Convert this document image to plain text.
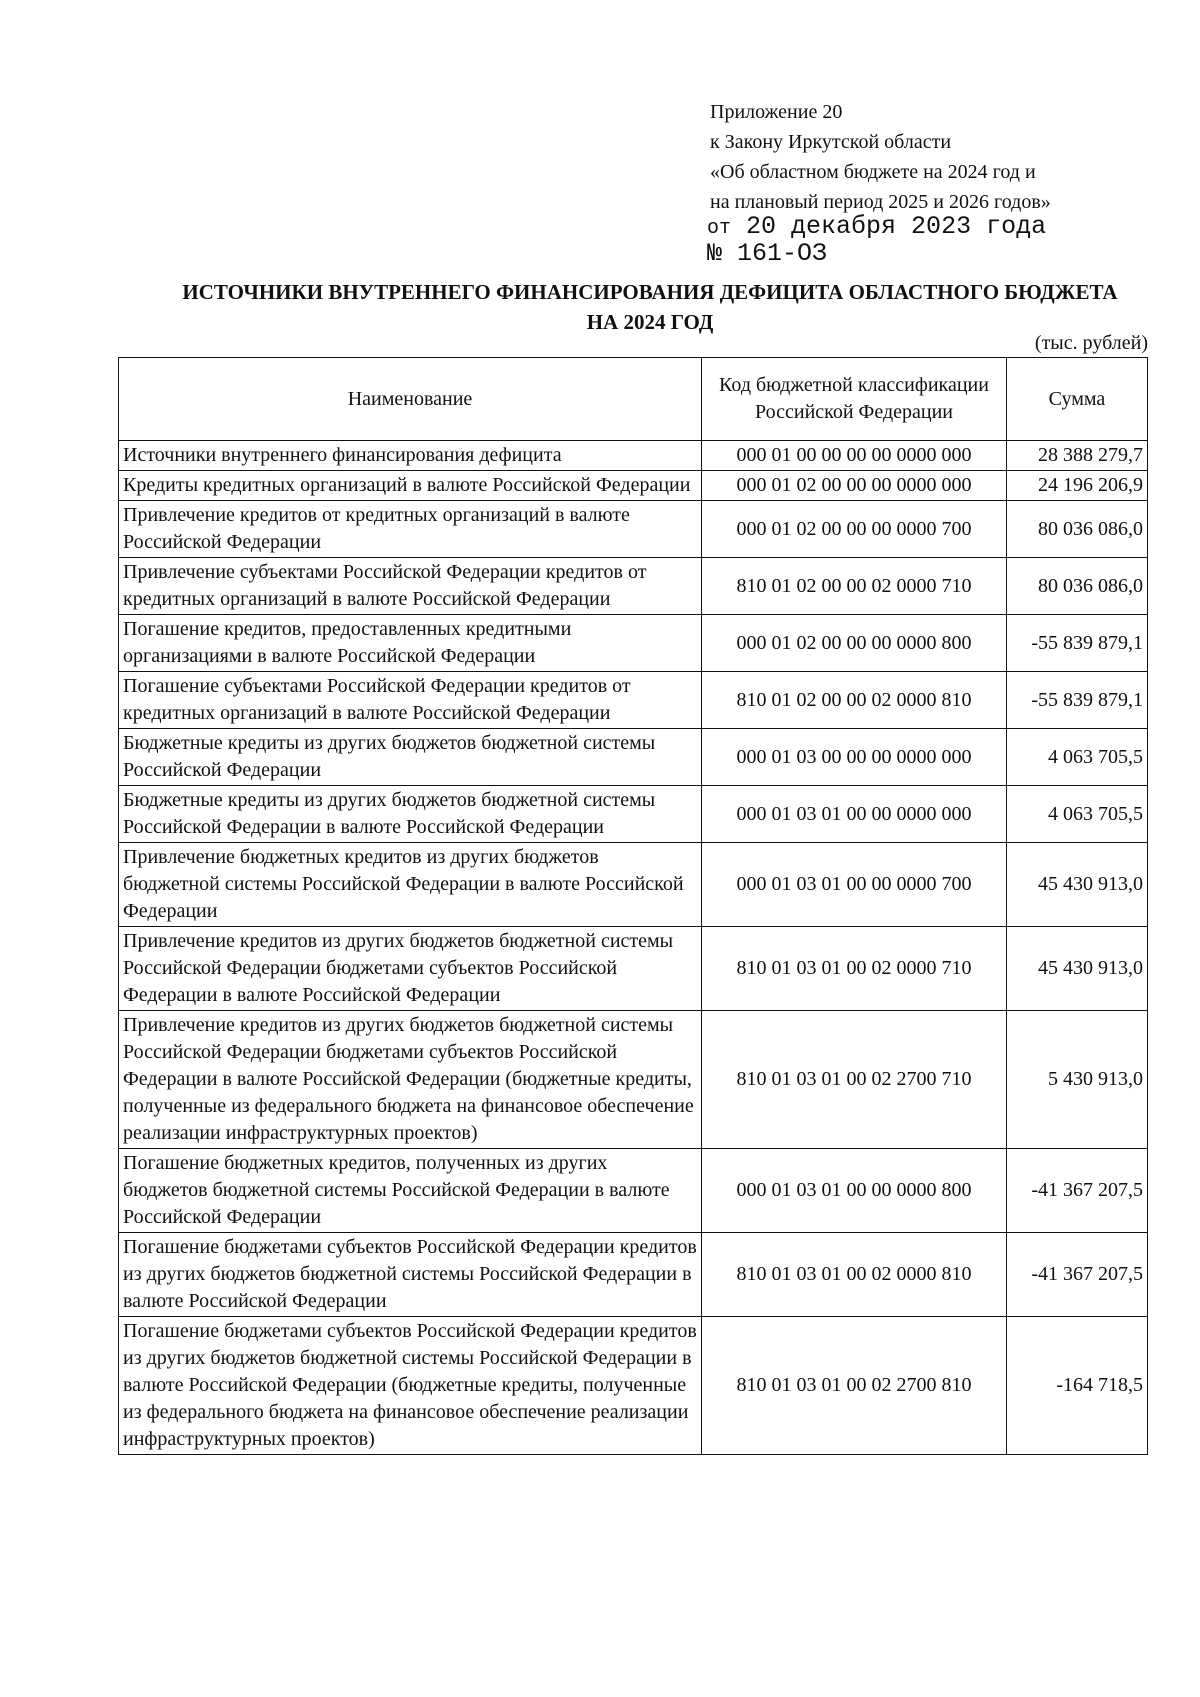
Приложение 20
к Закону Иркутской области
«Об областном бюджете на 2024 год и
на плановый период 2025 и 2026 годов»
от 20 декабря 2023 года
№ 161-ОЗ
ИСТОЧНИКИ ВНУТРЕННЕГО ФИНАНСИРОВАНИЯ ДЕФИЦИТА ОБЛАСТНОГО БЮДЖЕТА
НА 2024 ГОД
(тыс. рублей)
Наименование	Код бюджетной классификации Российской Федерации	Сумма
Источники внутреннего финансирования дефицита	000 01 00 00 00 00 0000 000	28 388 279,7
Кредиты кредитных организаций в валюте Российской Федерации	000 01 02 00 00 00 0000 000	24 196 206,9
Привлечение кредитов от кредитных организаций в валюте Российской Федерации	000 01 02 00 00 00 0000 700	80 036 086,0
Привлечение субъектами Российской Федерации кредитов от кредитных организаций в валюте Российской Федерации	810 01 02 00 00 02 0000 710	80 036 086,0
Погашение кредитов, предоставленных кредитными организациями в валюте Российской Федерации	000 01 02 00 00 00 0000 800	-55 839 879,1
Погашение субъектами Российской Федерации кредитов от кредитных организаций в валюте Российской Федерации	810 01 02 00 00 02 0000 810	-55 839 879,1
Бюджетные кредиты из других бюджетов бюджетной системы Российской Федерации	000 01 03 00 00 00 0000 000	4 063 705,5
Бюджетные кредиты из других бюджетов бюджетной системы Российской Федерации в валюте Российской Федерации	000 01 03 01 00 00 0000 000	4 063 705,5
Привлечение бюджетных кредитов из других бюджетов бюджетной системы Российской Федерации в валюте Российской Федерации	000 01 03 01 00 00 0000 700	45 430 913,0
Привлечение кредитов из других бюджетов бюджетной системы Российской Федерации бюджетами субъектов Российской Федерации в валюте Российской Федерации	810 01 03 01 00 02 0000 710	45 430 913,0
Привлечение кредитов из других бюджетов бюджетной системы Российской Федерации бюджетами субъектов Российской Федерации в валюте Российской Федерации (бюджетные кредиты, полученные из федерального бюджета на финансовое обеспечение реализации инфраструктурных проектов)	810 01 03 01 00 02 2700 710	5 430 913,0
Погашение бюджетных кредитов, полученных из других бюджетов бюджетной системы Российской Федерации в валюте Российской Федерации	000 01 03 01 00 00 0000 800	-41 367 207,5
Погашение бюджетами субъектов Российской Федерации кредитов из других бюджетов бюджетной системы Российской Федерации в валюте Российской Федерации	810 01 03 01 00 02 0000 810	-41 367 207,5
Погашение бюджетами субъектов Российской Федерации кредитов из других бюджетов бюджетной системы Российской Федерации в валюте Российской Федерации (бюджетные кредиты, полученные из федерального бюджета на финансовое обеспечение реализации инфраструктурных проектов)	810 01 03 01 00 02 2700 810	-164 718,5
